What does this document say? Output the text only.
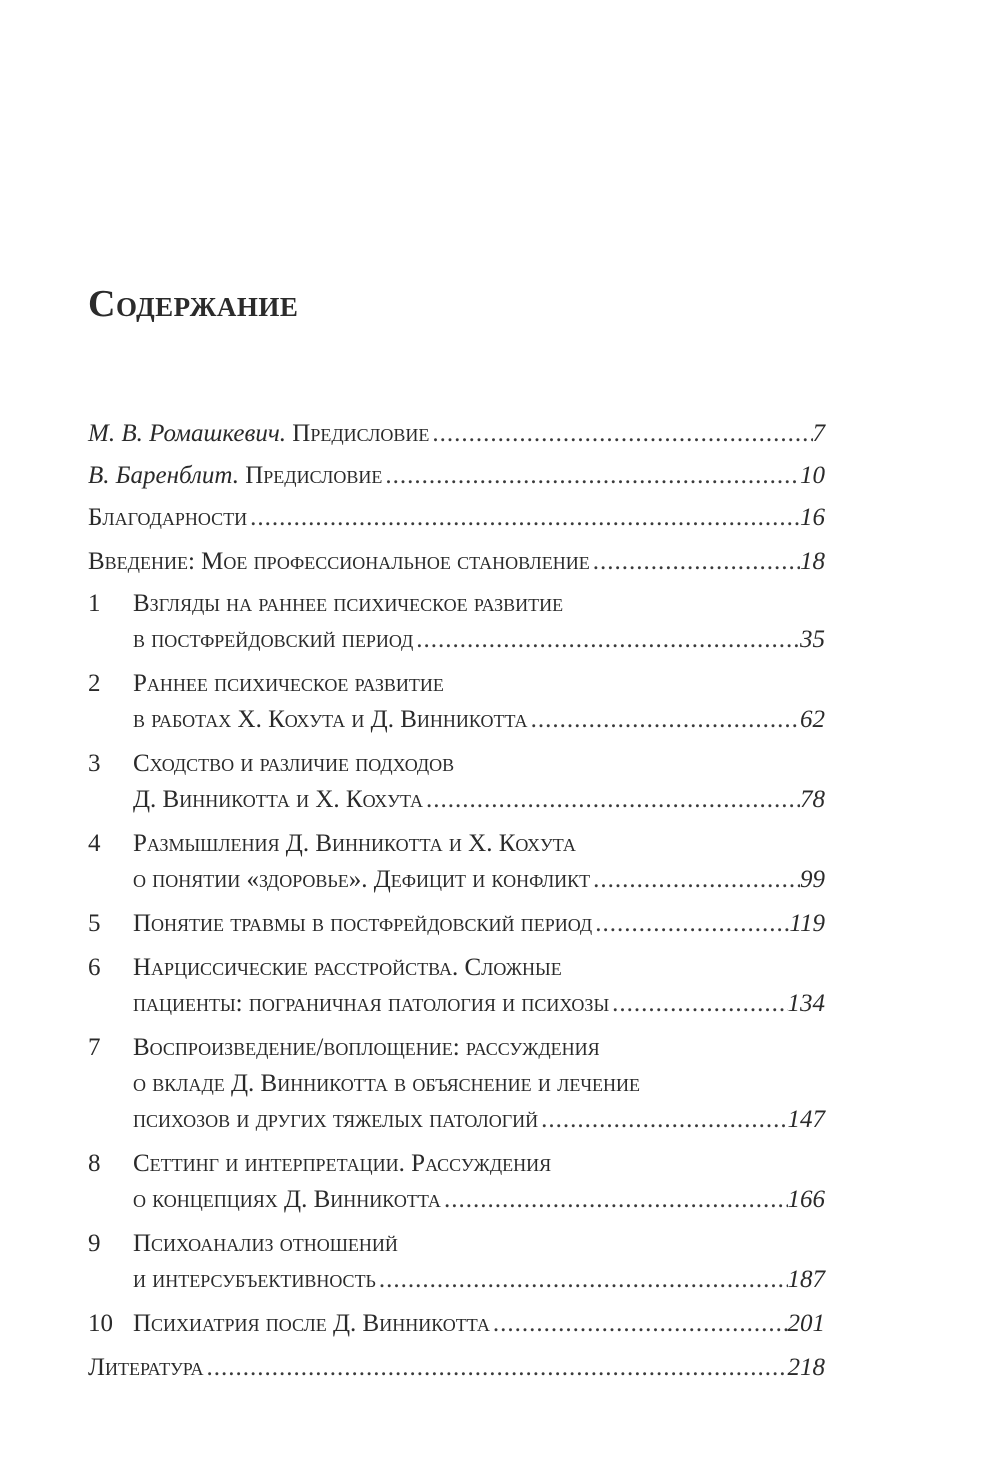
Содержание
М. В. Ромашкевич. Предисловие .....	7
В. Баренблит. Предисловие .....	10
Благодарности .....	16
Введение: Мое профессиональное становление .....	18
1 Взгляды на раннее психическое развитие
в постфрейдовский период .....	35
2 Раннее психическое развитие
в работах Х. Кохута и Д. Винникотта .....	62
3 Сходство и различие подходов
Д. Винникотта и Х. Кохута .....	78
4 Размышления Д. Винникотта и Х. Кохута
о понятии «здоровье». Дефицит и конфликт .....	99
5 Понятие травмы в постфрейдовский период .....	119
6 Нарциссические расстройства. Сложные
пациенты: пограничная патология и психозы .....	134
7 Воспроизведение/воплощение: рассуждения
о вкладе Д. Винникотта в объяснение и лечение
психозов и других тяжелых патологий .....	147
8 Сеттинг и интерпретации. Рассуждения
о концепциях Д. Винникотта .....	166
9 Психоанализ отношений
и интерсубъективность .....	187
10 Психиатрия после Д. Винникотта .....	201
Литература .....	218
